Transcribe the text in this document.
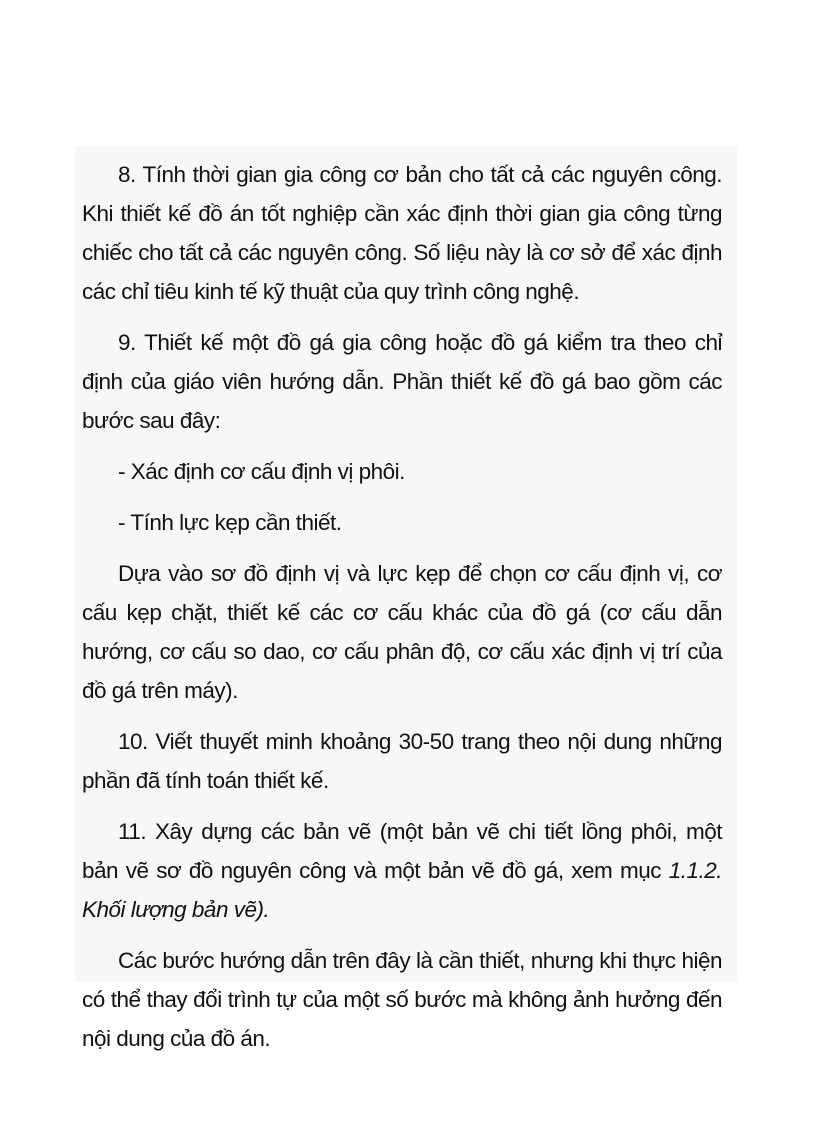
8. Tính thời gian gia công cơ bản cho tất cả các nguyên công. Khi thiết kế đồ án tốt nghiệp cần xác định thời gian gia công từng chiếc cho tất cả các nguyên công. Số liệu này là cơ sở để xác định các chỉ tiêu kinh tế kỹ thuật của quy trình công nghệ.

9. Thiết kế một đồ gá gia công hoặc đồ gá kiểm tra theo chỉ định của giáo viên hướng dẫn. Phần thiết kế đồ gá bao gồm các bước sau đây:

- Xác định cơ cấu định vị phôi.

- Tính lực kẹp cần thiết.

Dựa vào sơ đồ định vị và lực kẹp để chọn cơ cấu định vị, cơ cấu kẹp chặt, thiết kế các cơ cấu khác của đồ gá (cơ cấu dẫn hướng, cơ cấu so dao, cơ cấu phân độ, cơ cấu xác định vị trí của đồ gá trên máy).

10. Viết thuyết minh khoảng 30-50 trang theo nội dung những phần đã tính toán thiết kế.

11. Xây dựng các bản vẽ (một bản vẽ chi tiết lồng phôi, một bản vẽ sơ đồ nguyên công và một bản vẽ đồ gá, xem mục 1.1.2. Khối lượng bản vẽ).

Các bước hướng dẫn trên đây là cần thiết, nhưng khi thực hiện có thể thay đổi trình tự của một số bước mà không ảnh hưởng đến nội dung của đồ án.
